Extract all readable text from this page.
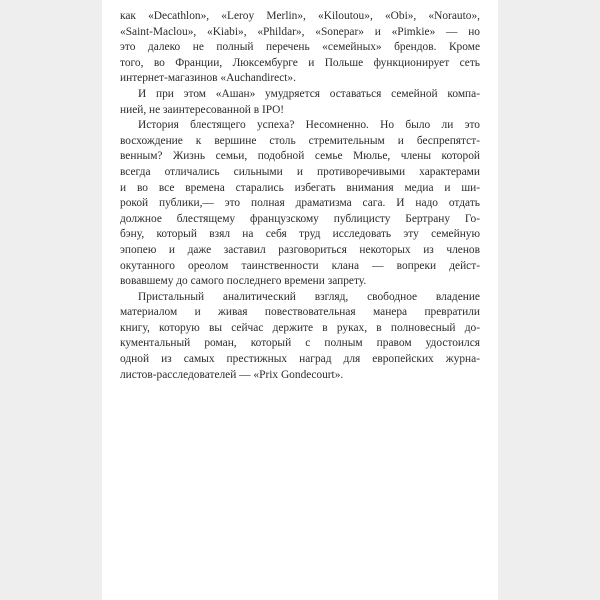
как «Decathlon», «Leroy Merlin», «Kiloutou», «Obi», «Norauto»,
«Saint-Maclou», «Kiabi», «Phildar», «Sonepar» и «Pimkie» — но
это далеко не полный перечень «семейных» брендов. Кроме
того, во Франции, Люксембурге и Польше функционирует сеть
интернет-магазинов «Auchandirect».

И при этом «Ашан» умудряется оставаться семейной компа-
нией, не заинтересованной в IPO!

История блестящего успеха? Несомненно. Но было ли это
восхождение к вершине столь стремительным и беспрепятст-
венным? Жизнь семьи, подобной семье Мюлье, члены которой
всегда отличались сильными и противоречивыми характерами
и во все времена старались избегать внимания медиа и ши-
рокой публики,— это полная драматизма сага. И надо отдать
должное блестящему французскому публицисту Бертрану Го-
бэну, который взял на себя труд исследовать эту семейную
эпопею и даже заставил разговориться некоторых из членов
окутанного ореолом таинственности клана — вопреки дейст-
вовавшему до самого последнего времени запрету.

Пристальный аналитический взгляд, свободное владение
материалом и живая повествовательная манера превратили
книгу, которую вы сейчас держите в руках, в полновесный до-
кументальный роман, который с полным правом удостоился
одной из самых престижных наград для европейских журна-
листов-расследователей — «Prix Gondecourt».
